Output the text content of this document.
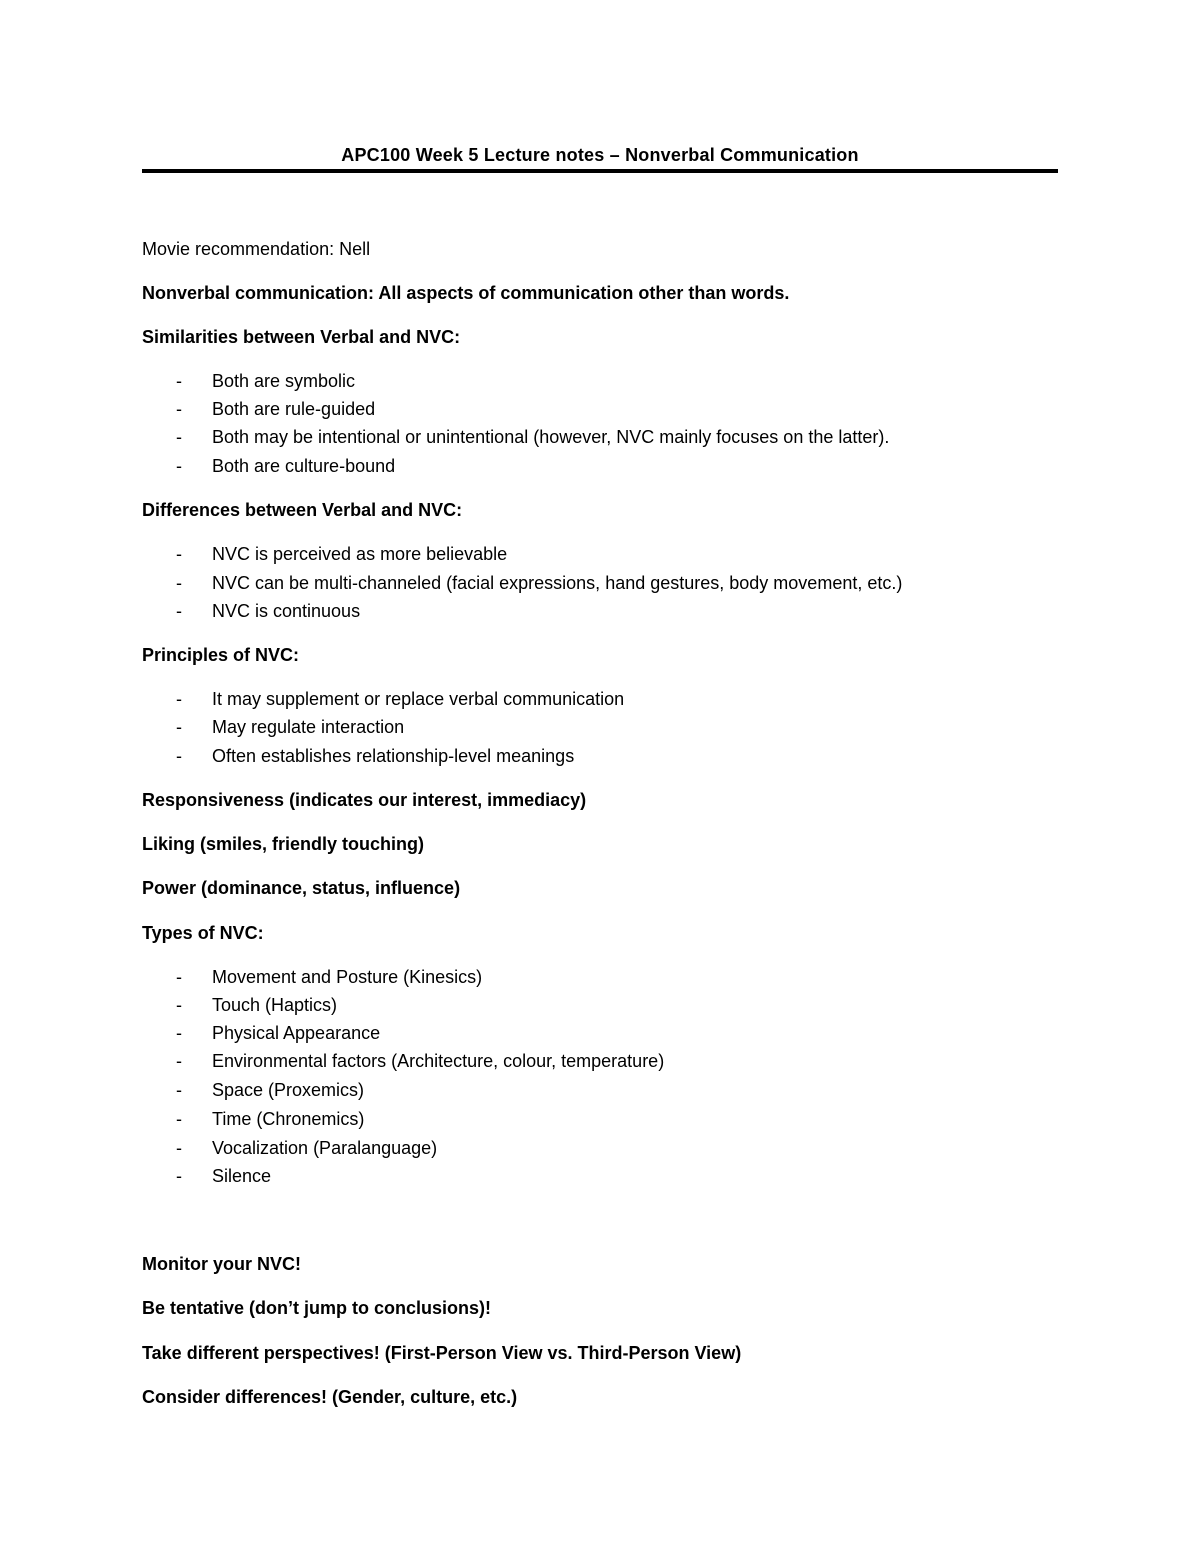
APC100 Week 5 Lecture notes – Nonverbal Communication
Movie recommendation: Nell
Nonverbal communication: All aspects of communication other than words.
Similarities between Verbal and NVC:
- Both are symbolic
- Both are rule-guided
- Both may be intentional or unintentional (however, NVC mainly focuses on the latter).
- Both are culture-bound
Differences between Verbal and NVC:
- NVC is perceived as more believable
- NVC can be multi-channeled (facial expressions, hand gestures, body movement, etc.)
- NVC is continuous
Principles of NVC:
- It may supplement or replace verbal communication
- May regulate interaction
- Often establishes relationship-level meanings
Responsiveness (indicates our interest, immediacy)
Liking (smiles, friendly touching)
Power (dominance, status, influence)
Types of NVC:
- Movement and Posture (Kinesics)
- Touch (Haptics)
- Physical Appearance
- Environmental factors (Architecture, colour, temperature)
- Space (Proxemics)
- Time (Chronemics)
- Vocalization (Paralanguage)
- Silence
Monitor your NVC!
Be tentative (don’t jump to conclusions)!
Take different perspectives! (First-Person View vs. Third-Person View)
Consider differences! (Gender, culture, etc.)
